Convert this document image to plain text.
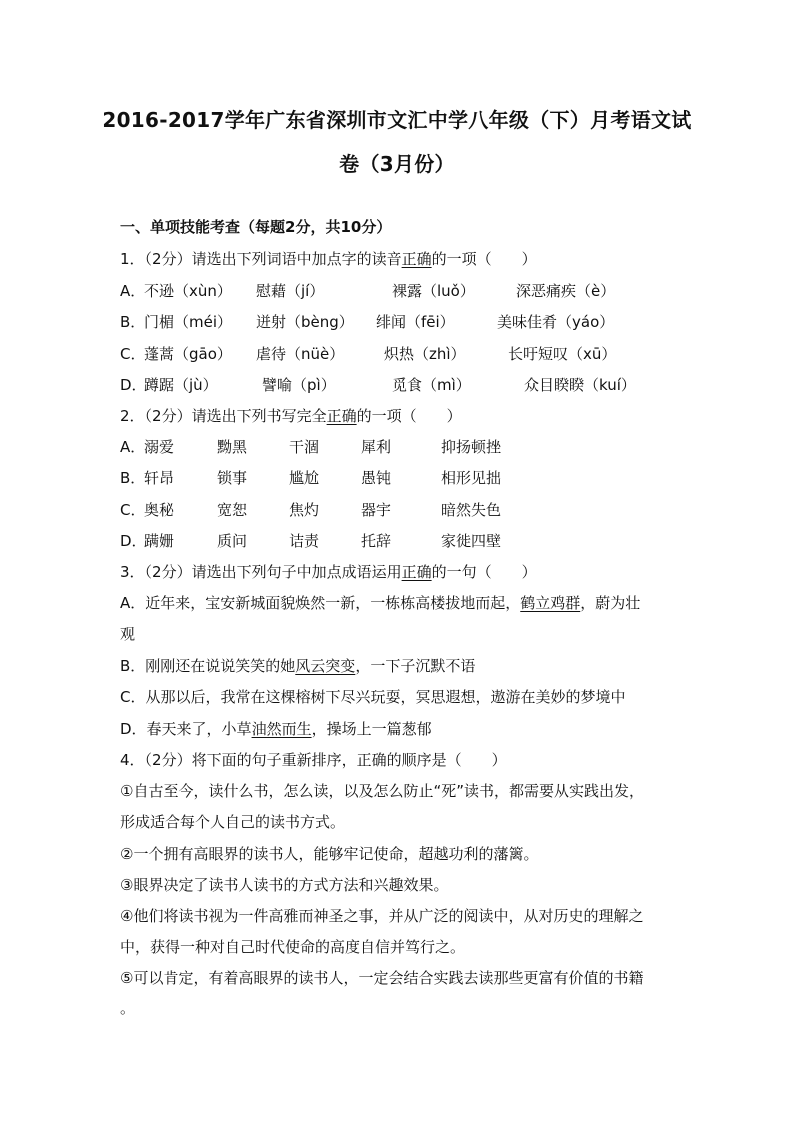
2016-2017学年广东省深圳市文汇中学八年级（下）月考语文试
卷（3月份）
一、单项技能考查（每题2分，共10分）
1．（2分）请选出下列词语中加点字的读音正确的一项（　　）
A．
不逊（xùn） 慰藉（jí）	裸露（luǒ）	深恶痛疾（è）
B．
门楣（méi） 迸射（bèng） 绯闻（fēi）	美味佳肴（yáo）
C．
蓬蒿（gāo） 虐待（nüè）	炽热（zhì）	长吁短叹（xū）
D．
蹲踞（jù）	譬喻（pì）	觅食（mì）	众目睽睽（kuí）
2．（2分）请选出下列书写完全正确的一项（　　）
A．
溺爱	黝黑	干涸	犀利	抑扬顿挫
B．
轩昂	锁事	尴尬	愚钝	相形见拙
C．
奥秘	宽恕	焦灼	器宇	暗然失色
D．
蹒姗	质问	诘责	托辞	家徙四壁
3．（2分）请选出下列句子中加点成语运用正确的一句（　　）
A．近年来，宝安新城面貌焕然一新，一栋栋高楼拔地而起，鹤立鸡群，蔚为壮
观
B．刚刚还在说说笑笑的她风云突变，一下子沉默不语
C．从那以后，我常在这棵榕树下尽兴玩耍，冥思遐想，遨游在美妙的梦境中
D．春天来了，小草油然而生，操场上一篇葱郁
4．（2分）将下面的句子重新排序，正确的顺序是（　　）
①自古至今，读什么书，怎么读，以及怎么防止“死”读书，都需要从实践出发，
形成适合每个人自己的读书方式。
②一个拥有高眼界的读书人，能够牢记使命，超越功利的藩篱。
③眼界决定了读书人读书的方式方法和兴趣效果。
④他们将读书视为一件高雅而神圣之事，并从广泛的阅读中，从对历史的理解之
中，获得一种对自己时代使命的高度自信并笃行之。
⑤可以肯定，有着高眼界的读书人，一定会结合实践去读那些更富有价值的书籍
。
